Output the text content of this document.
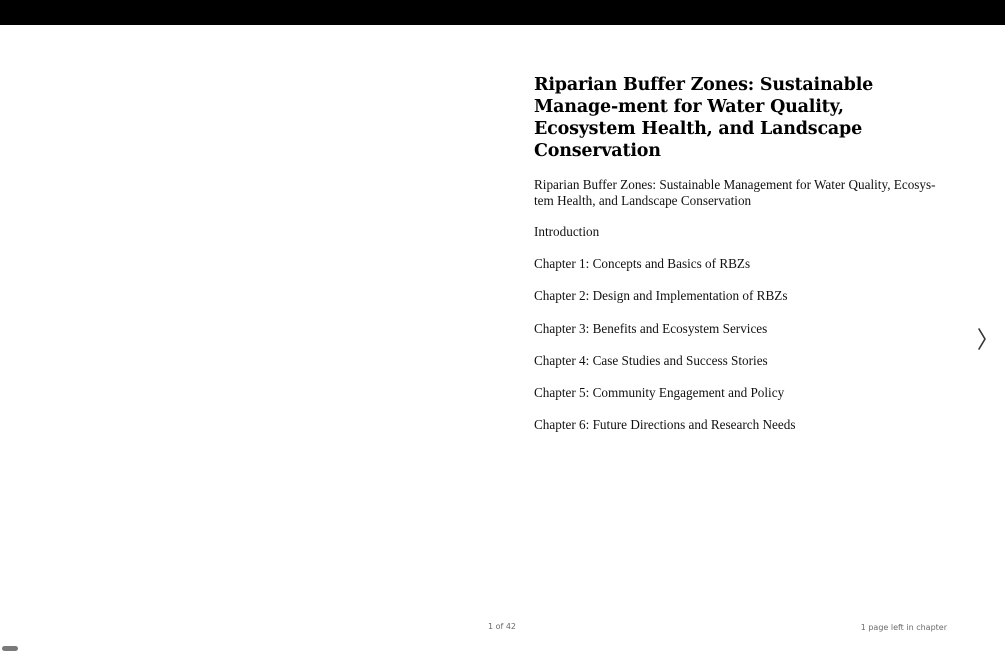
Riparian Buffer Zones: Sustainable Manage-ment for Water Quality, Ecosystem Health, and Landscape Conservation

Riparian Buffer Zones: Sustainable Management for Water Quality, Ecosys-tem Health, and Landscape Conservation

Introduction
Chapter 1: Concepts and Basics of RBZs
Chapter 2: Design and Implementation of RBZs
Chapter 3: Benefits and Ecosystem Services
Chapter 4: Case Studies and Success Stories
Chapter 5: Community Engagement and Policy
Chapter 6: Future Directions and Research Needs
1 of 42	1 page left in chapter
